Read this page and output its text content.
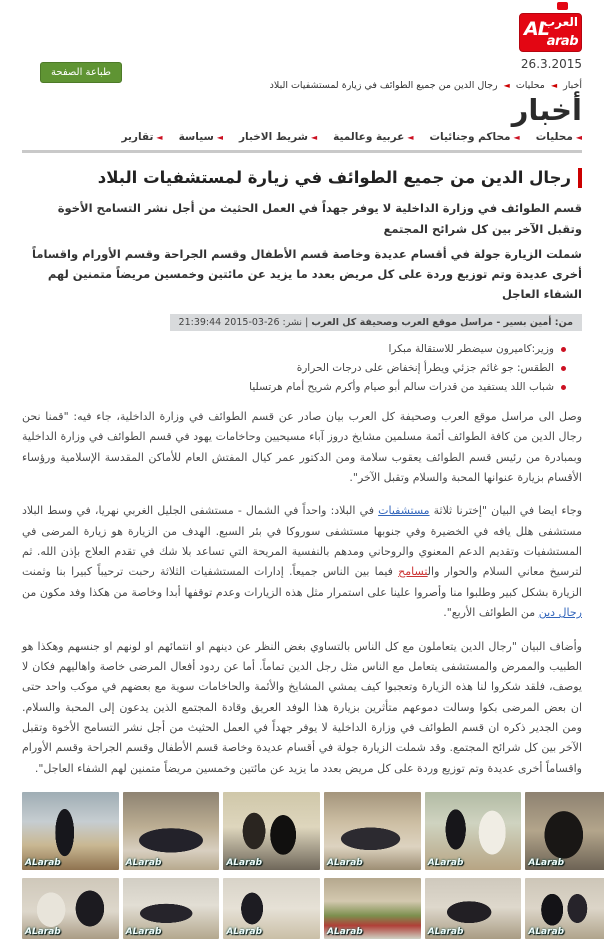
AL
العرب
arab
26.3.2015
طباعة الصفحة
أخبار ◄ محليات ◄ رجال الدين من جميع الطوائف في زيارة لمستشفيات البلاد
أخبار
◄
محليات
◄
محاكم وجنائيات
◄
عربية وعالمية
◄
شريط الاخبار
◄
سياسة
◄
تقارير
رجال الدين من جميع الطوائف في زيارة لمستشفيات البلاد

قسم الطوائف في وزارة الداخلية لا يوفر جهداً في العمل الحثيث من أجل نشر التسامح الأخوة وتقبل الآخر بين كل شرائح المجتمع

شملت الزيارة جولة في أقسام عديدة وخاصة قسم الأطفال وقسم الجراحة وقسم الأورام واقساماً أخرى عديدة وتم توزيع وردة على كل مريض بعدد ما يزيد عن مائتين وخمسين مريضاً متمنين لهم الشفاء العاجل

من: أمين بسير - مراسل موقع العرب وصحيفة كل العرب | نشر: 26-03-2015 21:39:44
وزير:كاميرون سيضطر للاستقالة مبكرا
الطقس: جو غائم جزئي ويطرأ إنخفاض على درجات الحرارة
شباب اللد يستفيد من قدرات سالم أبو صيام وأكرم شريح أمام هرتسليا

وصل الى مراسل موقع العرب وصحيفة كل العرب بيان صادر عن قسم الطوائف في وزارة الداخلية، جاء فيه: "قمنا نحن رجال الدين من كافة الطوائف أئمة مسلمين مشايخ دروز آباء مسيحيين وحاخامات يهود في قسم الطوائف في وزارة الداخلية وبمبادرة من رئيس قسم الطوائف يعقوب سلامة ومن الدكتور عمر كيال المفتش العام للأماكن المقدسة الإسلامية ورؤساء الأقسام بزيارة عنوانها المحبة والسلام وتقبل الآخر".

وجاء ايضا في البيان "إخترنا ثلاثة مستشفيات في البلاد: واحداً في الشمال - مستشفى الجليل الغربي نهريا، في وسط البلاد مستشفى هلل يافه في الخضيرة وفي جنوبها مستشفى سوروكا في بئر السبع. الهدف من الزيارة هو زيارة المرضى في المستشفيات وتقديم الدعم المعنوي والروحاني ومدهم بالنفسية المريحة التي تساعد بلا شك في تقدم العلاج بإذن الله. ثم لترسيخ معاني السلام والحوار والتسامح فيما بين الناس جميعاً. إدارات المستشفيات الثلاثة رحبت ترحيباً كبيرا بنا وثمنت الزيارة بشكل كبير وطلبوا منا وأصروا علينا على استمرار مثل هذه الزيارات وعدم توقفها أبدا وخاصة من هكذا وفد مكون من رجال دين من الطوائف الأربع".

وأضاف البيان "رجال الدين يتعاملون مع كل الناس بالتساوي بغض النظر عن دينهم او انتمائهم او لونهم او جنسهم وهكذا هو الطبيب والممرض والمستشفى يتعامل مع الناس مثل رجل الدين تماماً. أما عن ردود أفعال المرضى خاصة واهاليهم فكان لا يوصف، فلقد شكروا لنا هذه الزيارة وتعجبوا كيف يمشي المشايخ والأئمة والحاخامات سوية مع بعضهم في موكب واحد حتى ان بعض المرضى بكوا وسالت دموعهم متأثرين بزيارة هذا الوفد العريق وقادة المجتمع الذين يدعون إلى المحبة والسلام. ومن الجدير ذكره ان قسم الطوائف في وزارة الداخلية لا يوفر جهداً في العمل الحثيث من أجل نشر التسامح الأخوة وتقبل الآخر بين كل شرائح المجتمع. وقد شملت الزيارة جولة في أقسام عديدة وخاصة قسم الأطفال وقسم الجراحة وقسم الأورام واقساماً أخرى عديدة وتم توزيع وردة على كل مريض بعدد ما يزيد عن مائتين وخمسين مريضاً متمنين لهم الشفاء العاجل".

ALarab	ALarab	ALarab	ALarab	ALarab	ALarab
ALarab	ALarab	ALarab	ALarab	ALarab	ALarab
